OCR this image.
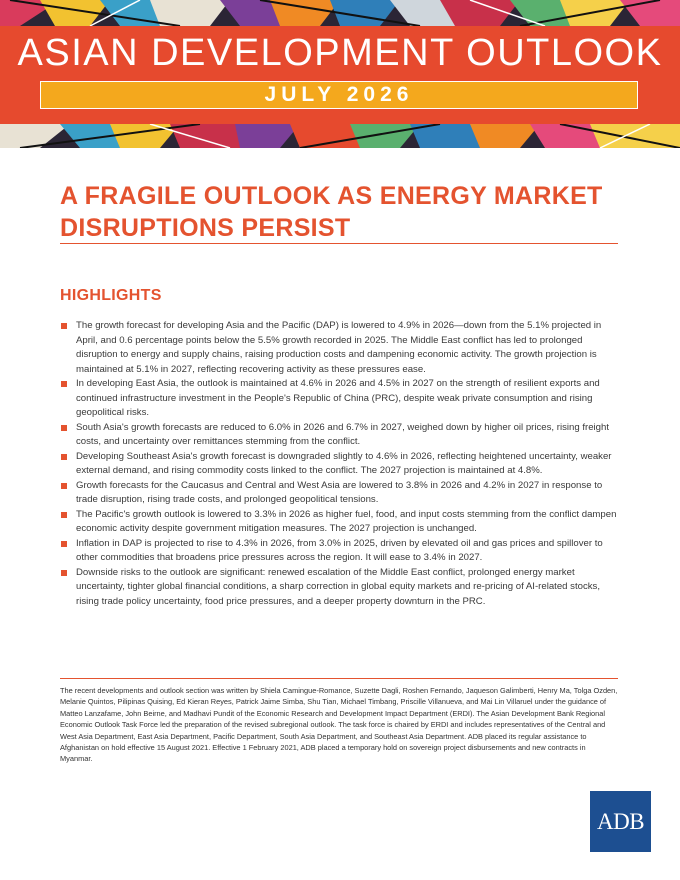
ASIAN DEVELOPMENT OUTLOOK
JULY 2026
A FRAGILE OUTLOOK AS ENERGY MARKET DISRUPTIONS PERSIST
HIGHLIGHTS
The growth forecast for developing Asia and the Pacific (DAP) is lowered to 4.9% in 2026—down from the 5.1% projected in April, and 0.6 percentage points below the 5.5% growth recorded in 2025. The Middle East conflict has led to prolonged disruption to energy and supply chains, raising production costs and dampening economic activity. The growth projection is maintained at 5.1% in 2027, reflecting recovering activity as these pressures ease.
In developing East Asia, the outlook is maintained at 4.6% in 2026 and 4.5% in 2027 on the strength of resilient exports and continued infrastructure investment in the People's Republic of China (PRC), despite weak private consumption and rising geopolitical risks.
South Asia's growth forecasts are reduced to 6.0% in 2026 and 6.7% in 2027, weighed down by higher oil prices, rising freight costs, and uncertainty over remittances stemming from the conflict.
Developing Southeast Asia's growth forecast is downgraded slightly to 4.6% in 2026, reflecting heightened uncertainty, weaker external demand, and rising commodity costs linked to the conflict. The 2027 projection is maintained at 4.8%.
Growth forecasts for the Caucasus and Central and West Asia are lowered to 3.8% in 2026 and 4.2% in 2027 in response to trade disruption, rising trade costs, and prolonged geopolitical tensions.
The Pacific's growth outlook is lowered to 3.3% in 2026 as higher fuel, food, and input costs stemming from the conflict dampen economic activity despite government mitigation measures. The 2027 projection is unchanged.
Inflation in DAP is projected to rise to 4.3% in 2026, from 3.0% in 2025, driven by elevated oil and gas prices and spillover to other commodities that broadens price pressures across the region. It will ease to 3.4% in 2027.
Downside risks to the outlook are significant: renewed escalation of the Middle East conflict, prolonged energy market uncertainty, tighter global financial conditions, a sharp correction in global equity markets and re-pricing of AI-related stocks, rising trade policy uncertainty, food price pressures, and a deeper property downturn in the PRC.
The recent developments and outlook section was written by Shiela Camingue-Romance, Suzette Dagli, Roshen Fernando, Jaqueson Galimberti, Henry Ma, Tolga Ozden, Melanie Quintos, Pilipinas Quising, Ed Kieran Reyes, Patrick Jaime Simba, Shu Tian, Michael Timbang, Priscille Villanueva, and Mai Lin Villaruel under the guidance of Matteo Lanzafame, John Beirne, and Madhavi Pundit of the Economic Research and Development Impact Department (ERDI). The Asian Development Bank Regional Economic Outlook Task Force led the preparation of the revised subregional outlook. The task force is chaired by ERDI and includes representatives of the Central and West Asia Department, East Asia Department, Pacific Department, South Asia Department, and Southeast Asia Department. ADB placed its regular assistance to Afghanistan on hold effective 15 August 2021. Effective 1 February 2021, ADB placed a temporary hold on sovereign project disbursements and new contracts in Myanmar.
ADB
